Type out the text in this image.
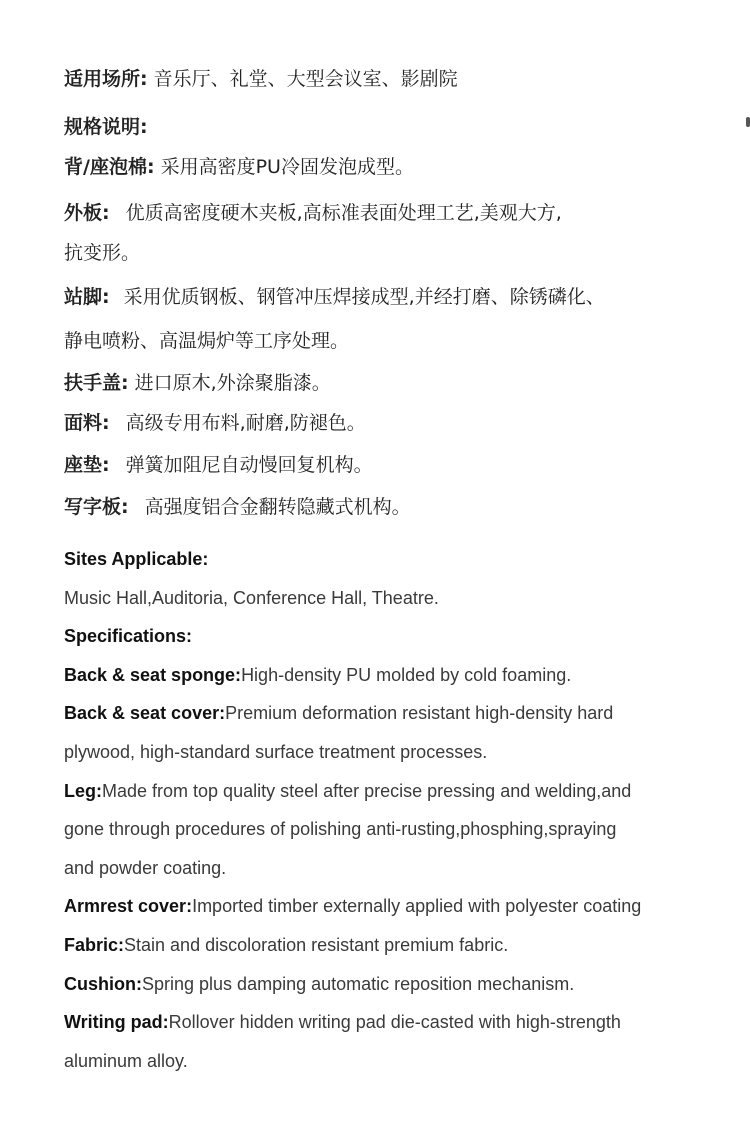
适用场所: 音乐厅、礼堂、大型会议室、影剧院
规格说明:
背/座泡棉: 采用高密度PU冷固发泡成型。
外板: 优质高密度硬木夹板,高标准表面处理工艺,美观大方,
抗变形。
站脚: 采用优质钢板、钢管冲压焊接成型,并经打磨、除锈磷化、
静电喷粉、高温焗炉等工序处理。
扶手盖: 进口原木,外涂聚脂漆。
面料: 高级专用布料,耐磨,防褪色。
座垫: 弹簧加阻尼自动慢回复机构。
写字板: 高强度铝合金翻转隐藏式机构。
Sites Applicable:
Music Hall,Auditoria, Conference Hall, Theatre.
Specifications:
Back & seat sponge:High-density PU molded by cold foaming.
Back & seat cover:Premium deformation resistant high-density hard
plywood, high-standard surface treatment processes.
Leg:Made from top quality steel after precise pressing and welding,and
gone through procedures of polishing anti-rusting,phosphing,spraying
and powder coating.
Armrest cover:Imported timber externally applied with polyester coating
Fabric:Stain and discoloration resistant premium fabric.
Cushion:Spring plus damping automatic reposition mechanism.
Writing pad:Rollover hidden writing pad die-casted with high-strength
aluminum alloy.
